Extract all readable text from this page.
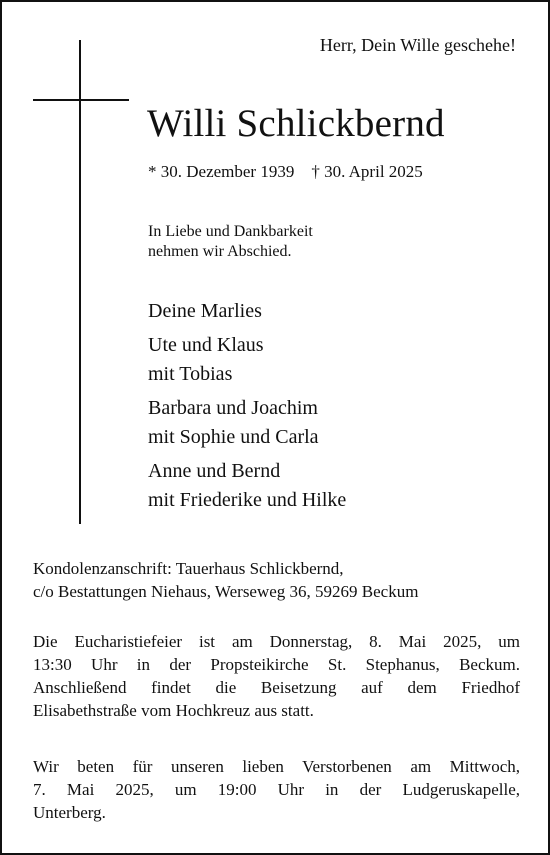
Herr, Dein Wille geschehe!
Willi Schlickbernd
* 30. Dezember 1939 † 30. April 2025
In Liebe und Dankbarkeit
nehmen wir Abschied.
Deine Marlies
Ute und Klaus
mit Tobias
Barbara und Joachim
mit Sophie und Carla
Anne und Bernd
mit Friederike und Hilke
Kondolenzanschrift: Tauerhaus Schlickbernd,
c/o Bestattungen Niehaus, Werseweg 36, 59269 Beckum
Die Eucharistiefeier ist am Donnerstag, 8. Mai 2025, um
13:30 Uhr in der Propsteikirche St. Stephanus, Beckum.
Anschließend findet die Beisetzung auf dem Friedhof
Elisabethstraße vom Hochkreuz aus statt.
Wir beten für unseren lieben Verstorbenen am Mittwoch,
7. Mai 2025, um 19:00 Uhr in der Ludgeruskapelle,
Unterberg.
